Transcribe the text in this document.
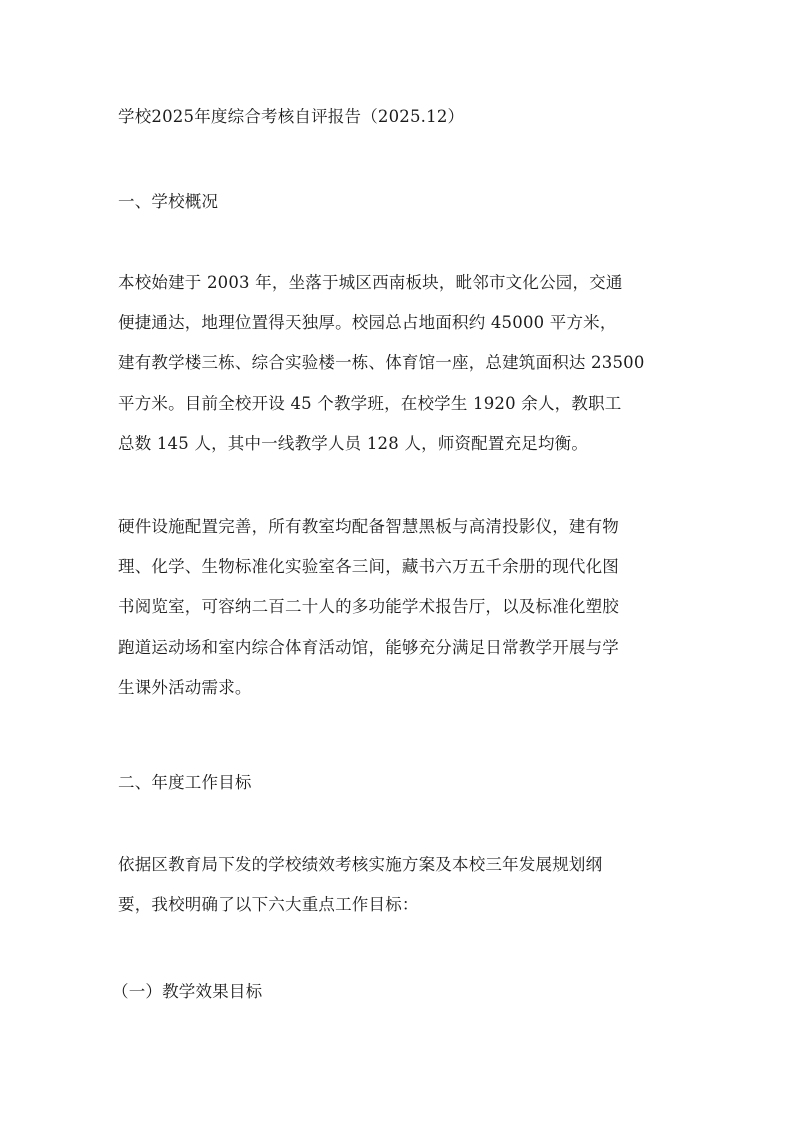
学校2025年度综合考核自评报告（2025.12）
一、学校概况
本校始建于 2003 年，坐落于城区西南板块，毗邻市文化公园，交通
便捷通达，地理位置得天独厚。校园总占地面积约 45000 平方米，
建有教学楼三栋、综合实验楼一栋、体育馆一座，总建筑面积达 23500
平方米。目前全校开设 45 个教学班，在校学生 1920 余人，教职工
总数 145 人，其中一线教学人员 128 人，师资配置充足均衡。
硬件设施配置完善，所有教室均配备智慧黑板与高清投影仪，建有物
理、化学、生物标准化实验室各三间，藏书六万五千余册的现代化图
书阅览室，可容纳二百二十人的多功能学术报告厅，以及标准化塑胶
跑道运动场和室内综合体育活动馆，能够充分满足日常教学开展与学
生课外活动需求。
二、年度工作目标
依据区教育局下发的学校绩效考核实施方案及本校三年发展规划纲
要，我校明确了以下六大重点工作目标：
（一）教学效果目标
